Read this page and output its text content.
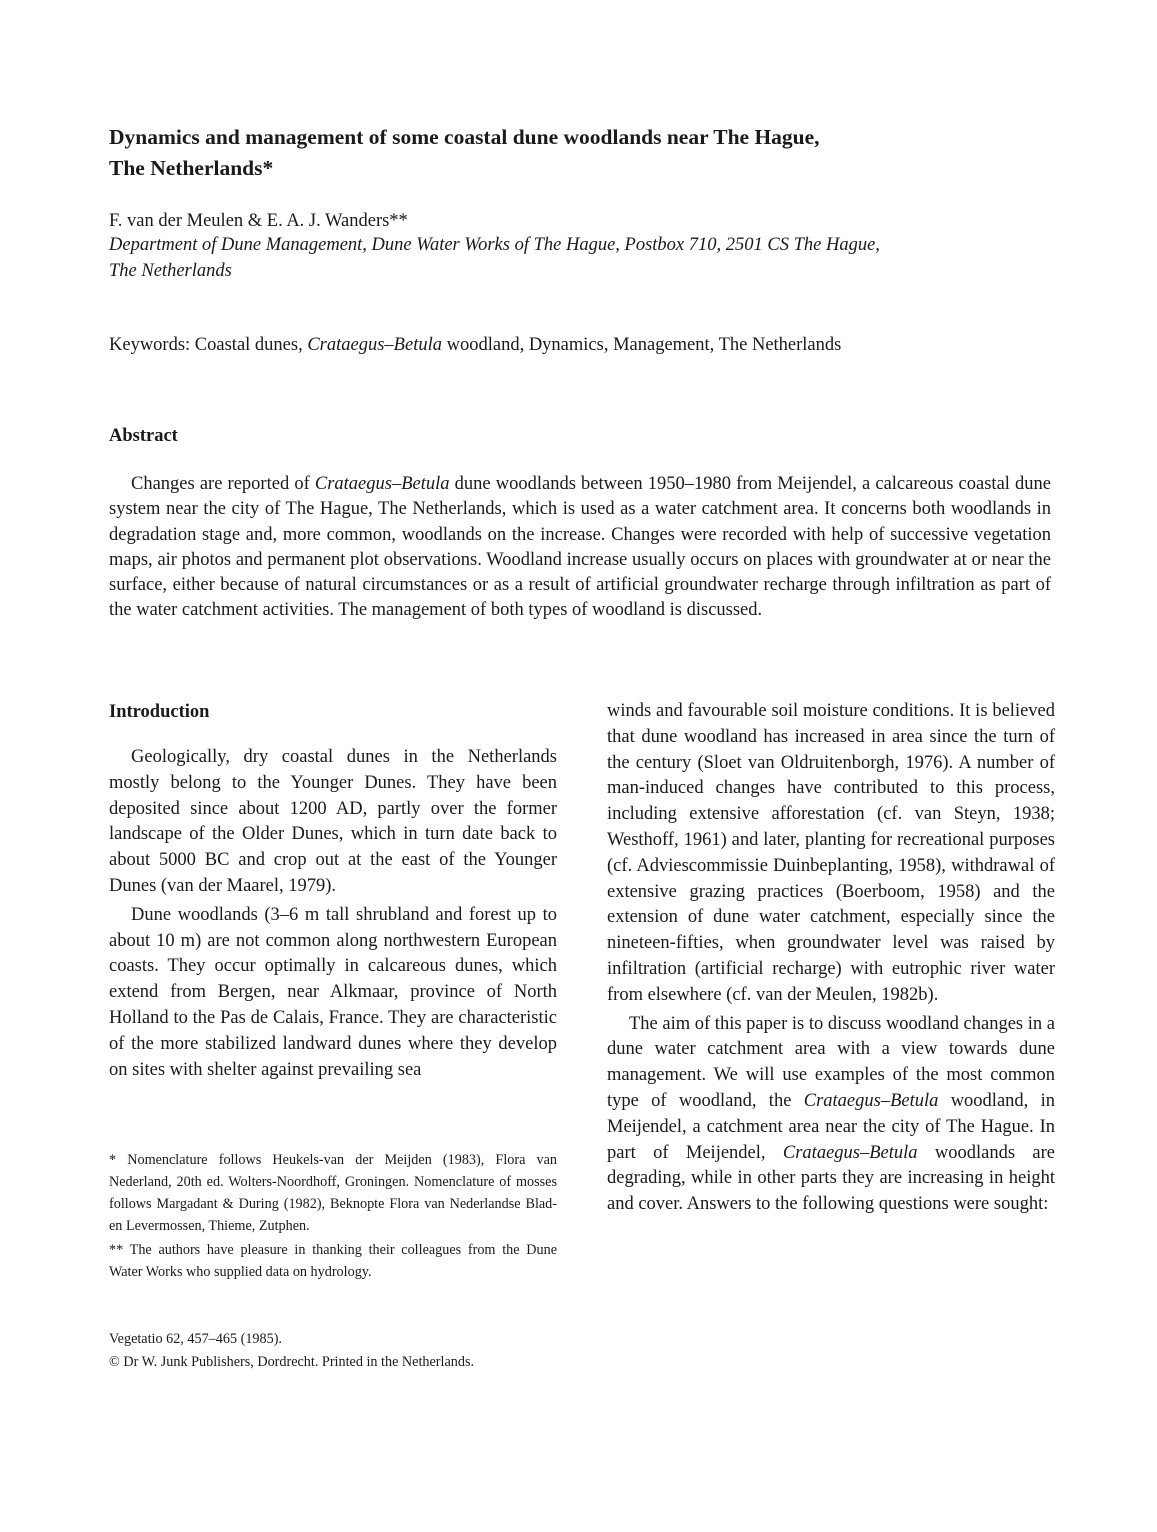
Dynamics and management of some coastal dune woodlands near The Hague,
The Netherlands*

F. van der Meulen & E. A. J. Wanders**

Department of Dune Management, Dune Water Works of The Hague, Postbox 710, 2501 CS The Hague,
The Netherlands

Keywords: Coastal dunes, Crataegus–Betula woodland, Dynamics, Management, The Netherlands

Abstract

Changes are reported of Crataegus–Betula dune woodlands between 1950–1980 from Meijendel, a calcareous coastal dune system near the city of The Hague, The Netherlands, which is used as a water catchment area. It concerns both woodlands in degradation stage and, more common, woodlands on the increase. Changes were recorded with help of successive vegetation maps, air photos and permanent plot observations. Woodland increase usually occurs on places with groundwater at or near the surface, either because of natural circumstances or as a result of artificial groundwater recharge through infiltration as part of the water catchment activities. The management of both types of woodland is discussed.

Introduction

Geologically, dry coastal dunes in the Netherlands mostly belong to the Younger Dunes. They have been deposited since about 1200 AD, partly over the former landscape of the Older Dunes, which in turn date back to about 5000 BC and crop out at the east of the Younger Dunes (van der Maarel, 1979).

Dune woodlands (3–6 m tall shrubland and forest up to about 10 m) are not common along northwestern European coasts. They occur optimally in calcareous dunes, which extend from Bergen, near Alkmaar, province of North Holland to the Pas de Calais, France. They are characteristic of the more stabilized landward dunes where they develop on sites with shelter against prevailing sea

winds and favourable soil moisture conditions. It is believed that dune woodland has increased in area since the turn of the century (Sloet van Oldruitenborgh, 1976). A number of man-induced changes have contributed to this process, including extensive afforestation (cf. van Steyn, 1938; Westhoff, 1961) and later, planting for recreational purposes (cf. Adviescommissie Duinbeplanting, 1958), withdrawal of extensive grazing practices (Boerboom, 1958) and the extension of dune water catchment, especially since the nineteen-fifties, when groundwater level was raised by infiltration (artificial recharge) with eutrophic river water from elsewhere (cf. van der Meulen, 1982b).

The aim of this paper is to discuss woodland changes in a dune water catchment area with a view towards dune management. We will use examples of the most common type of woodland, the Crataegus–Betula woodland, in Meijendel, a catchment area near the city of The Hague. In part of Meijendel, Crataegus–Betula woodlands are degrading, while in other parts they are increasing in height and cover. Answers to the following questions were sought:

* Nomenclature follows Heukels-van der Meijden (1983), Flora van Nederland, 20th ed. Wolters-Noordhoff, Groningen. Nomenclature of mosses follows Margadant & During (1982), Beknopte Flora van Nederlandse Blad- en Levermossen, Thieme, Zutphen.

** The authors have pleasure in thanking their colleagues from the Dune Water Works who supplied data on hydrology.

Vegetatio 62, 457–465 (1985).

© Dr W. Junk Publishers, Dordrecht. Printed in the Netherlands.
